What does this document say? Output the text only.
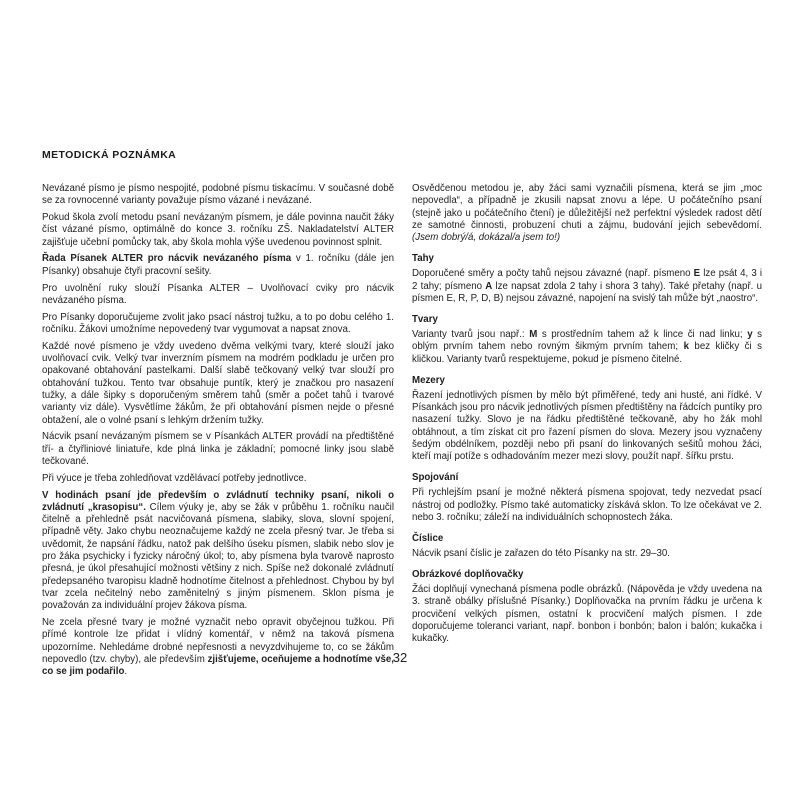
METODICKÁ POZNÁMKA

Nevázané písmo je písmo nespojité, podobné písmu tiskacímu. V současné době se za rovnocenné varianty považuje písmo vázané i nevázané.

Pokud škola zvolí metodu psaní nevázaným písmem, je dále povinna naučit žáky číst vázané písmo, optimálně do konce 3. ročníku ZŠ. Nakladatelství ALTER zajišťuje učební pomůcky tak, aby škola mohla výše uvedenou povinnost splnit.

Řada Písanek ALTER pro nácvik nevázaného písma v 1. ročníku (dále jen Písanky) obsahuje čtyři pracovní sešity.

Pro uvolnění ruky slouží Písanka ALTER – Uvolňovací cviky pro nácvik nevázaného písma.

Pro Písanky doporučujeme zvolit jako psací nástroj tužku, a to po dobu celého 1. ročníku. Žákovi umožníme nepovedený tvar vygumovat a napsat znova.

Každé nové písmeno je vždy uvedeno dvěma velkými tvary, které slouží jako uvolňovací cvik. Velký tvar inverzním písmem na modrém podkladu je určen pro opakované obtahování pastelkami. Další slabě tečkovaný velký tvar slouží pro obtahování tužkou. Tento tvar obsahuje puntík, který je značkou pro nasazení tužky, a dále šipky s doporučeným směrem tahů (směr a počet tahů i tvarové varianty viz dále). Vysvětlíme žákům, že při obtahování písmen nejde o přesné obtažení, ale o volné psaní s lehkým držením tužky.

Nácvik psaní nevázaným písmem se v Písankách ALTER provádí na předtištěné tří- a čtyřliniové liniatuře, kde plná linka je základní; pomocné linky jsou slabě tečkované.

Při výuce je třeba zohledňovat vzdělávací potřeby jednotlivce.

V hodinách psaní jde především o zvládnutí techniky psaní, nikoli o zvládnutí „krasopisu“. Cílem výuky je, aby se žák v průběhu 1. ročníku naučil čitelně a přehledně psát nacvičovaná písmena, slabiky, slova, slovní spojení, případně věty. Jako chybu neoznačujeme každý ne zcela přesný tvar. Je třeba si uvědomit, že napsání řádku, natož pak delšího úseku písmen, slabik nebo slov je pro žáka psychicky i fyzicky náročný úkol; to, aby písmena byla tvarově naprosto přesná, je úkol přesahující možnosti většiny z nich. Spíše než dokonalé zvládnutí předepsaného tvaropisu kladně hodnotíme čitelnost a přehlednost. Chybou by byl tvar zcela nečitelný nebo zaměnitelný s jiným písmenem. Sklon písma je považován za individuální projev žákova písma.

Ne zcela přesné tvary je možné vyznačit nebo opravit obyčejnou tužkou. Při přímé kontrole lze přidat i vlídný komentář, v němž na taková písmena upozorníme. Nehledáme drobné nepřesnosti a nevyzdvihujeme to, co se žákům nepovedlo (tzv. chyby), ale především zjišťujeme, oceňujeme a hodnotíme vše, co se jim podařilo.

Osvědčenou metodou je, aby žáci sami vyznačili písmena, která se jim „moc nepovedla“, a případně je zkusili napsat znovu a lépe. U počátečního psaní (stejně jako u počátečního čtení) je důležitější než perfektní výsledek radost dětí ze samotné činnosti, probuzení chuti a zájmu, budování jejich sebevědomí. (Jsem dobrý/á, dokázal/a jsem to!)

Tahy

Doporučené směry a počty tahů nejsou závazné (např. písmeno E lze psát 4, 3 i 2 tahy; písmeno A lze napsat zdola 2 tahy i shora 3 tahy). Také přetahy (např. u písmen E, R, P, D, B) nejsou závazné, napojení na svislý tah může být „naostro“.

Tvary

Varianty tvarů jsou např.: M s prostředním tahem až k lince či nad linku; y s oblým prvním tahem nebo rovným šikmým prvním tahem; k bez kličky či s kličkou. Varianty tvarů respektujeme, pokud je písmeno čitelné.

Mezery

Řazení jednotlivých písmen by mělo být přiměřené, tedy ani husté, ani řídké. V Písankách jsou pro nácvik jednotlivých písmen předtištěny na řádcích puntíky pro nasazení tužky. Slovo je na řádku předtištěné tečkovaně, aby ho žák mohl obtáhnout, a tím získat cit pro řazení písmen do slova. Mezery jsou vyznačeny šedým obdélníkem, později nebo při psaní do linkovaných sešitů mohou žáci, kteří mají potíže s odhadováním mezer mezi slovy, použít např. šířku prstu.

Spojování

Při rychlejším psaní je možné některá písmena spojovat, tedy nezvedat psací nástroj od podložky. Písmo také automaticky získává sklon. To lze očekávat ve 2. nebo 3. ročníku; záleží na individuálních schopnostech žáka.

Číslice

Nácvik psaní číslic je zařazen do této Písanky na str. 29–30.

Obrázkové doplňovačky

Žáci doplňují vynechaná písmena podle obrázků. (Nápověda je vždy uvedena na 3. straně obálky příslušné Písanky.) Doplňovačka na prvním řádku je určena k procvičení velkých písmen, ostatní k procvičení malých písmen. I zde doporučujeme toleranci variant, např. bonbon i bonbón; balon i balón; kukačka i kukačky.

32
